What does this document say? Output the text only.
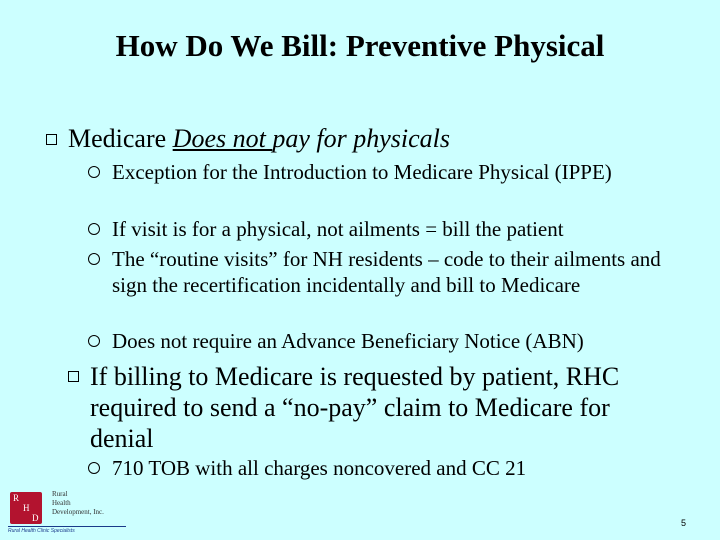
How Do We Bill: Preventive Physical
Medicare Does not pay for physicals
Exception for the Introduction to Medicare Physical (IPPE)
If visit is for a physical, not ailments = bill the patient
The “routine visits” for NH residents – code to their ailments and sign the recertification incidentally and bill to Medicare
Does not require an Advance Beneficiary Notice (ABN)
If billing to Medicare is requested by patient, RHC required to send a “no-pay” claim to Medicare for denial
710 TOB with all charges noncovered and CC 21
R
H
D
Rural
Health
Development, Inc.
Rural Health Clinic Specialists
5
